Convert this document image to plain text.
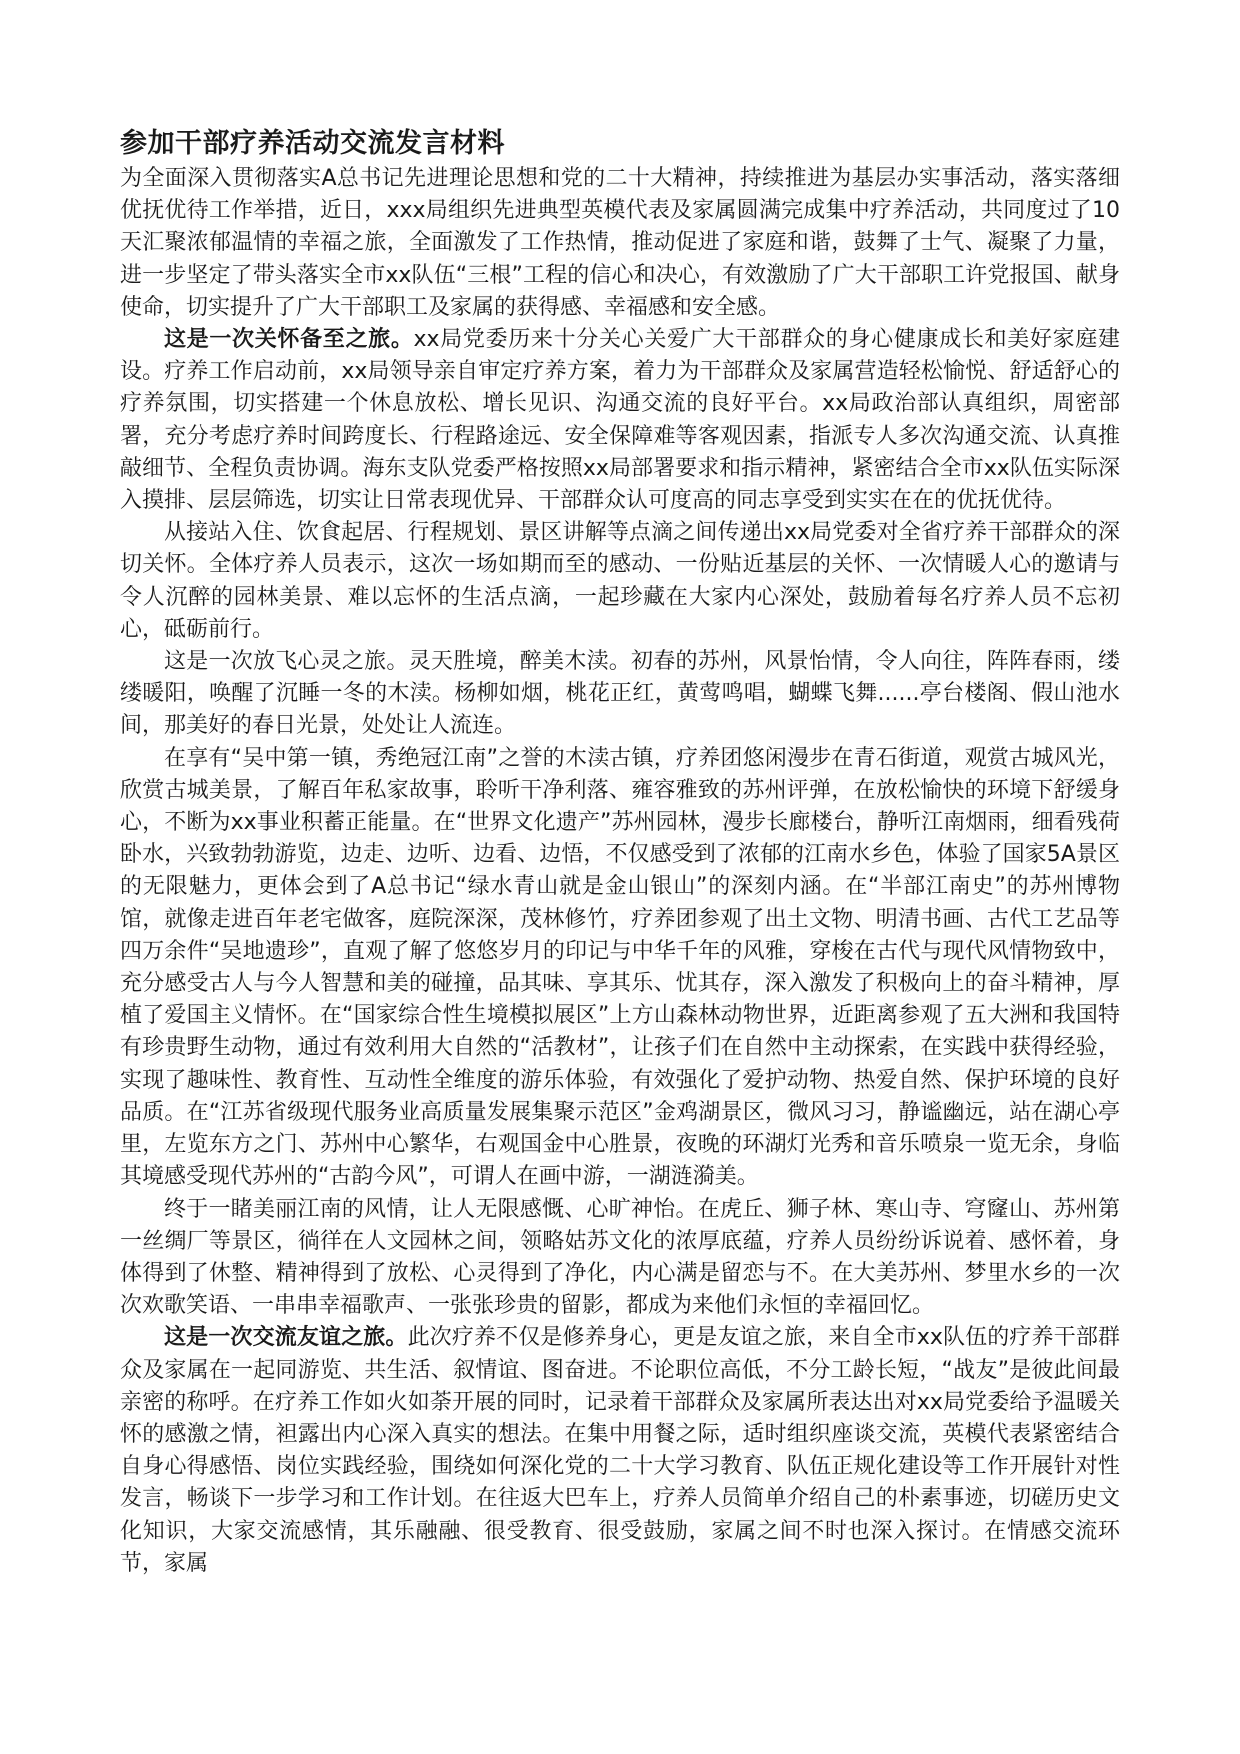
参加干部疗养活动交流发言材料

为全面深入贯彻落实A总书记先进理论思想和党的二十大精神，持续推进为基层办实事活动，落实落细优抚优待工作举措，近日，xxx局组织先进典型英模代表及家属圆满完成集中疗养活动，共同度过了10天汇聚浓郁温情的幸福之旅，全面激发了工作热情，推动促进了家庭和谐，鼓舞了士气、凝聚了力量，进一步坚定了带头落实全市xx队伍“三根”工程的信心和决心，有效激励了广大干部职工许党报国、献身使命，切实提升了广大干部职工及家属的获得感、幸福感和安全感。

这是一次关怀备至之旅。xx局党委历来十分关心关爱广大干部群众的身心健康成长和美好家庭建设。疗养工作启动前，xx局领导亲自审定疗养方案，着力为干部群众及家属营造轻松愉悦、舒适舒心的疗养氛围，切实搭建一个休息放松、增长见识、沟通交流的良好平台。xx局政治部认真组织，周密部署，充分考虑疗养时间跨度长、行程路途远、安全保障难等客观因素，指派专人多次沟通交流、认真推敲细节、全程负责协调。海东支队党委严格按照xx局部署要求和指示精神，紧密结合全市xx队伍实际深入摸排、层层筛选，切实让日常表现优异、干部群众认可度高的同志享受到实实在在的优抚优待。

从接站入住、饮食起居、行程规划、景区讲解等点滴之间传递出xx局党委对全省疗养干部群众的深切关怀。全体疗养人员表示，这次一场如期而至的感动、一份贴近基层的关怀、一次情暖人心的邀请与令人沉醉的园林美景、难以忘怀的生活点滴，一起珍藏在大家内心深处，鼓励着每名疗养人员不忘初心，砥砺前行。

这是一次放飞心灵之旅。灵天胜境，醉美木渎。初春的苏州，风景怡情，令人向往，阵阵春雨，缕缕暖阳，唤醒了沉睡一冬的木渎。杨柳如烟，桃花正红，黄莺鸣唱，蝴蝶飞舞......亭台楼阁、假山池水间，那美好的春日光景，处处让人流连。

在享有“吴中第一镇，秀绝冠江南”之誉的木渎古镇，疗养团悠闲漫步在青石街道，观赏古城风光，欣赏古城美景，了解百年私家故事，聆听干净利落、雍容雅致的苏州评弹，在放松愉快的环境下舒缓身心，不断为xx事业积蓄正能量。在“世界文化遗产”苏州园林，漫步长廊楼台，静听江南烟雨，细看残荷卧水，兴致勃勃游览，边走、边听、边看、边悟，不仅感受到了浓郁的江南水乡色，体验了国家5A景区的无限魅力，更体会到了A总书记“绿水青山就是金山银山”的深刻内涵。在“半部江南史”的苏州博物馆，就像走进百年老宅做客，庭院深深，茂林修竹，疗养团参观了出土文物、明清书画、古代工艺品等四万余件“吴地遗珍”，直观了解了悠悠岁月的印记与中华千年的风雅，穿梭在古代与现代风情物致中，充分感受古人与今人智慧和美的碰撞，品其味、享其乐、忧其存，深入激发了积极向上的奋斗精神，厚植了爱国主义情怀。在“国家综合性生境模拟展区”上方山森林动物世界，近距离参观了五大洲和我国特有珍贵野生动物，通过有效利用大自然的“活教材”，让孩子们在自然中主动探索，在实践中获得经验，实现了趣味性、教育性、互动性全维度的游乐体验，有效强化了爱护动物、热爱自然、保护环境的良好品质。在“江苏省级现代服务业高质量发展集聚示范区”金鸡湖景区，微风习习，静谧幽远，站在湖心亭里，左览东方之门、苏州中心繁华，右观国金中心胜景，夜晚的环湖灯光秀和音乐喷泉一览无余，身临其境感受现代苏州的“古韵今风”，可谓人在画中游，一湖涟漪美。

终于一睹美丽江南的风情，让人无限感慨、心旷神怡。在虎丘、狮子林、寒山寺、穹窿山、苏州第一丝绸厂等景区，徜徉在人文园林之间，领略姑苏文化的浓厚底蕴，疗养人员纷纷诉说着、感怀着，身体得到了休整、精神得到了放松、心灵得到了净化，内心满是留恋与不。在大美苏州、梦里水乡的一次次欢歌笑语、一串串幸福歌声、一张张珍贵的留影，都成为来他们永恒的幸福回忆。

这是一次交流友谊之旅。此次疗养不仅是修养身心，更是友谊之旅，来自全市xx队伍的疗养干部群众及家属在一起同游览、共生活、叙情谊、图奋进。不论职位高低，不分工龄长短，“战友”是彼此间最亲密的称呼。在疗养工作如火如荼开展的同时，记录着干部群众及家属所表达出对xx局党委给予温暖关怀的感激之情，袒露出内心深入真实的想法。在集中用餐之际，适时组织座谈交流，英模代表紧密结合自身心得感悟、岗位实践经验，围绕如何深化党的二十大学习教育、队伍正规化建设等工作开展针对性发言，畅谈下一步学习和工作计划。在往返大巴车上，疗养人员简单介绍自己的朴素事迹，切磋历史文化知识，大家交流感情，其乐融融、很受教育、很受鼓励，家属之间不时也深入探讨。在情感交流环节，家属
